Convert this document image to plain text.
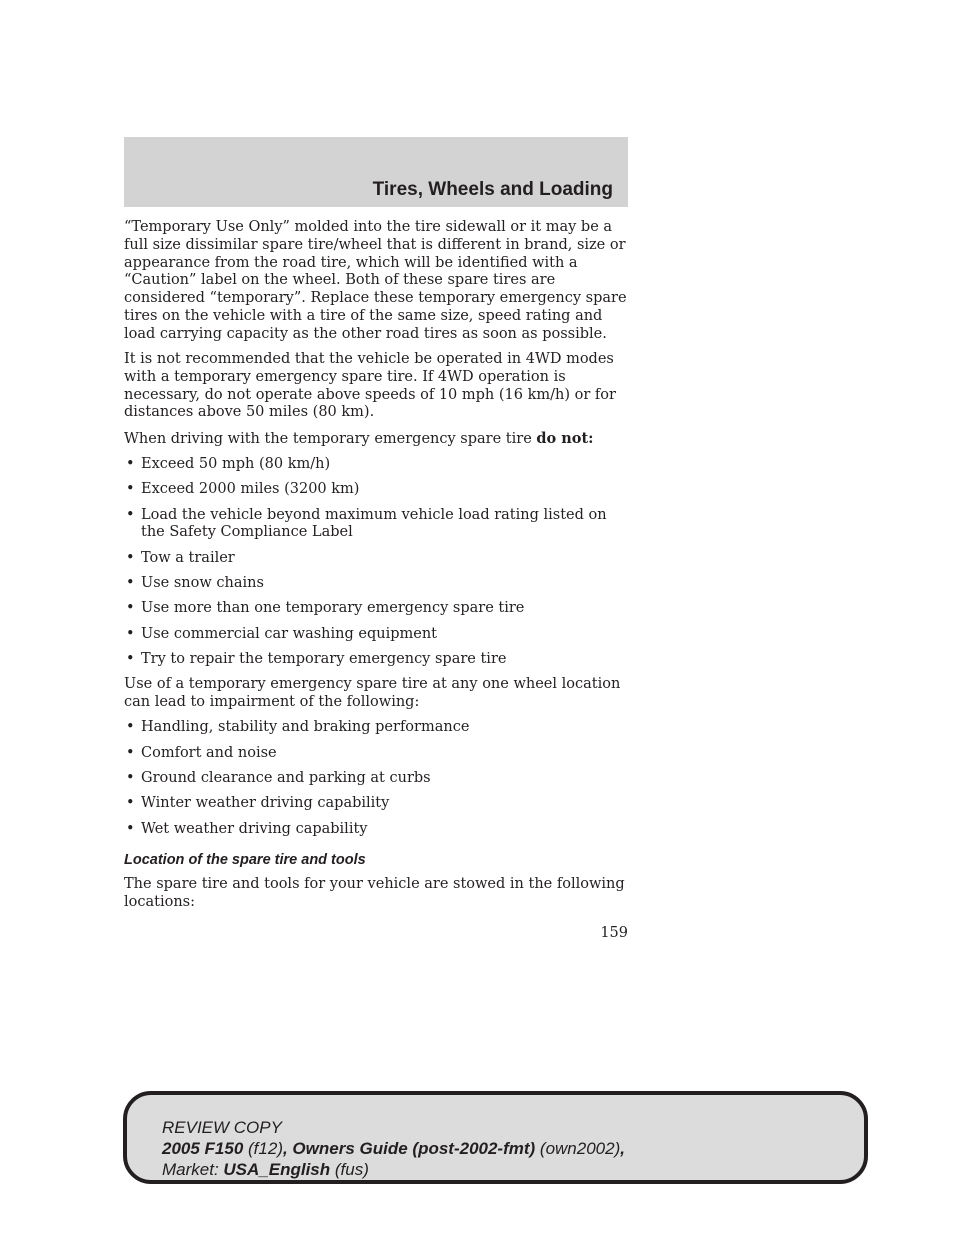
Tires, Wheels and Loading

“Temporary Use Only” molded into the tire sidewall or it may be a full size dissimilar spare tire/wheel that is different in brand, size or appearance from the road tire, which will be identified with a “Caution” label on the wheel. Both of these spare tires are considered “temporary”. Replace these temporary emergency spare tires on the vehicle with a tire of the same size, speed rating and load carrying capacity as the other road tires as soon as possible.

It is not recommended that the vehicle be operated in 4WD modes with a temporary emergency spare tire. If 4WD operation is necessary, do not operate above speeds of 10 mph (16 km/h) or for distances above 50 miles (80 km).

When driving with the temporary emergency spare tire do not:

• Exceed 50 mph (80 km/h)
• Exceed 2000 miles (3200 km)
• Load the vehicle beyond maximum vehicle load rating listed on the Safety Compliance Label
• Tow a trailer
• Use snow chains
• Use more than one temporary emergency spare tire
• Use commercial car washing equipment
• Try to repair the temporary emergency spare tire

Use of a temporary emergency spare tire at any one wheel location can lead to impairment of the following:

• Handling, stability and braking performance
• Comfort and noise
• Ground clearance and parking at curbs
• Winter weather driving capability
• Wet weather driving capability
Location of the spare tire and tools

The spare tire and tools for your vehicle are stowed in the following locations:

159
REVIEW COPY
2005 F150 (f12), Owners Guide (post-2002-fmt) (own2002),
Market: USA_English (fus)
